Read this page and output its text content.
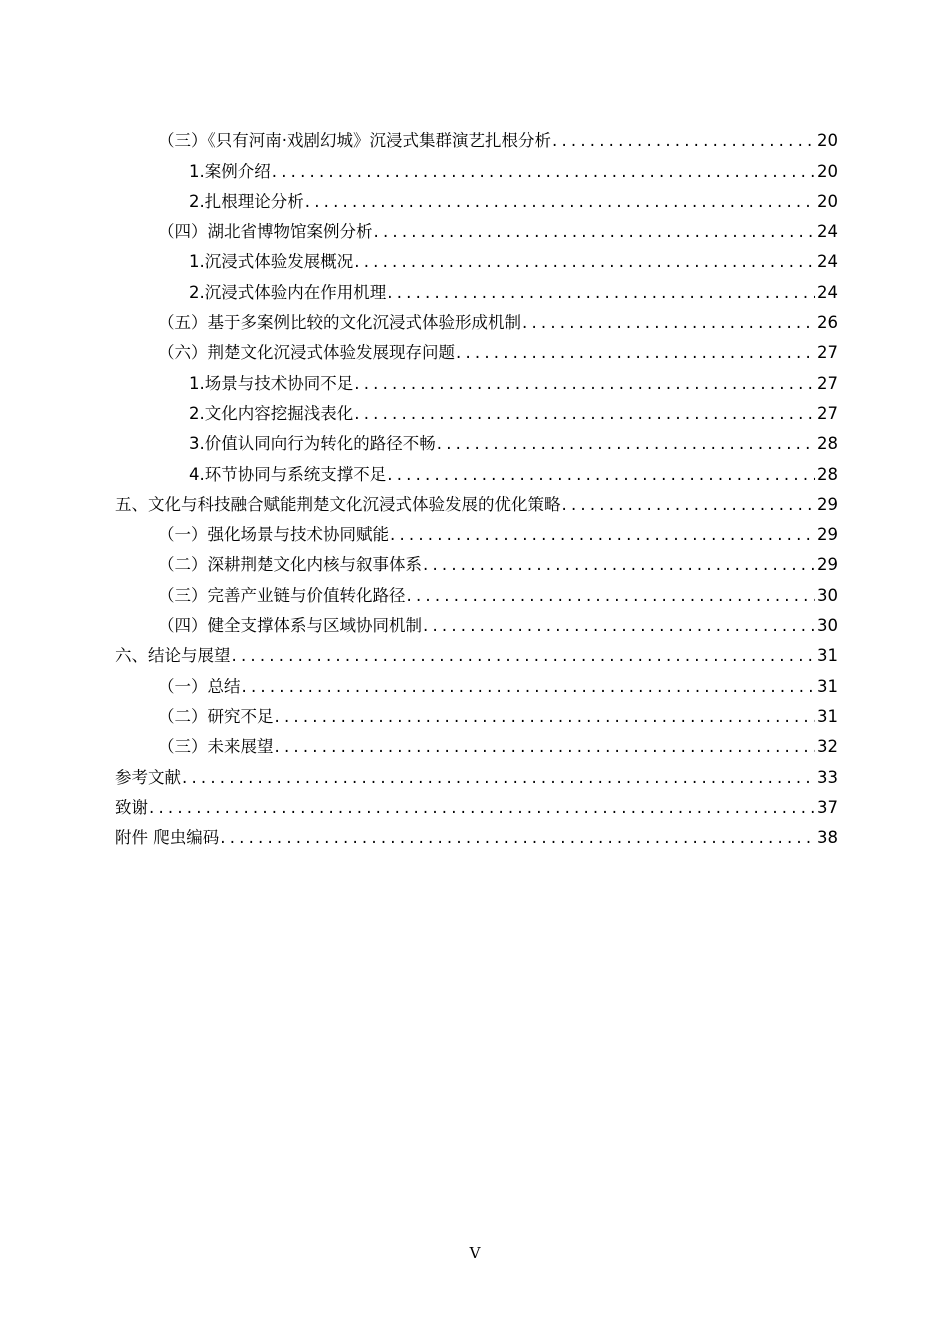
（三）《只有河南·戏剧幻城》沉浸式集群演艺扎根分析 .....	20
1.案例介绍 .....	20
2.扎根理论分析 .....	20
（四）湖北省博物馆案例分析 .....	24
1.沉浸式体验发展概况 .....	24
2.沉浸式体验内在作用机理 .....	24
（五）基于多案例比较的文化沉浸式体验形成机制 .....	26
（六）荆楚文化沉浸式体验发展现存问题 .....	27
1.场景与技术协同不足 .....	27
2.文化内容挖掘浅表化 .....	27
3.价值认同向行为转化的路径不畅 .....	28
4.环节协同与系统支撑不足 .....	28
五、文化与科技融合赋能荆楚文化沉浸式体验发展的优化策略 .....	29
（一）强化场景与技术协同赋能 .....	29
（二）深耕荆楚文化内核与叙事体系 .....	29
（三）完善产业链与价值转化路径 .....	30
（四）健全支撑体系与区域协同机制 .....	30
六、结论与展望 .....	31
（一）总结 .....	31
（二）研究不足 .....	31
（三）未来展望 .....	32
参考文献 .....	33
致谢 .....	37
附件 爬虫编码 .....	38
V
